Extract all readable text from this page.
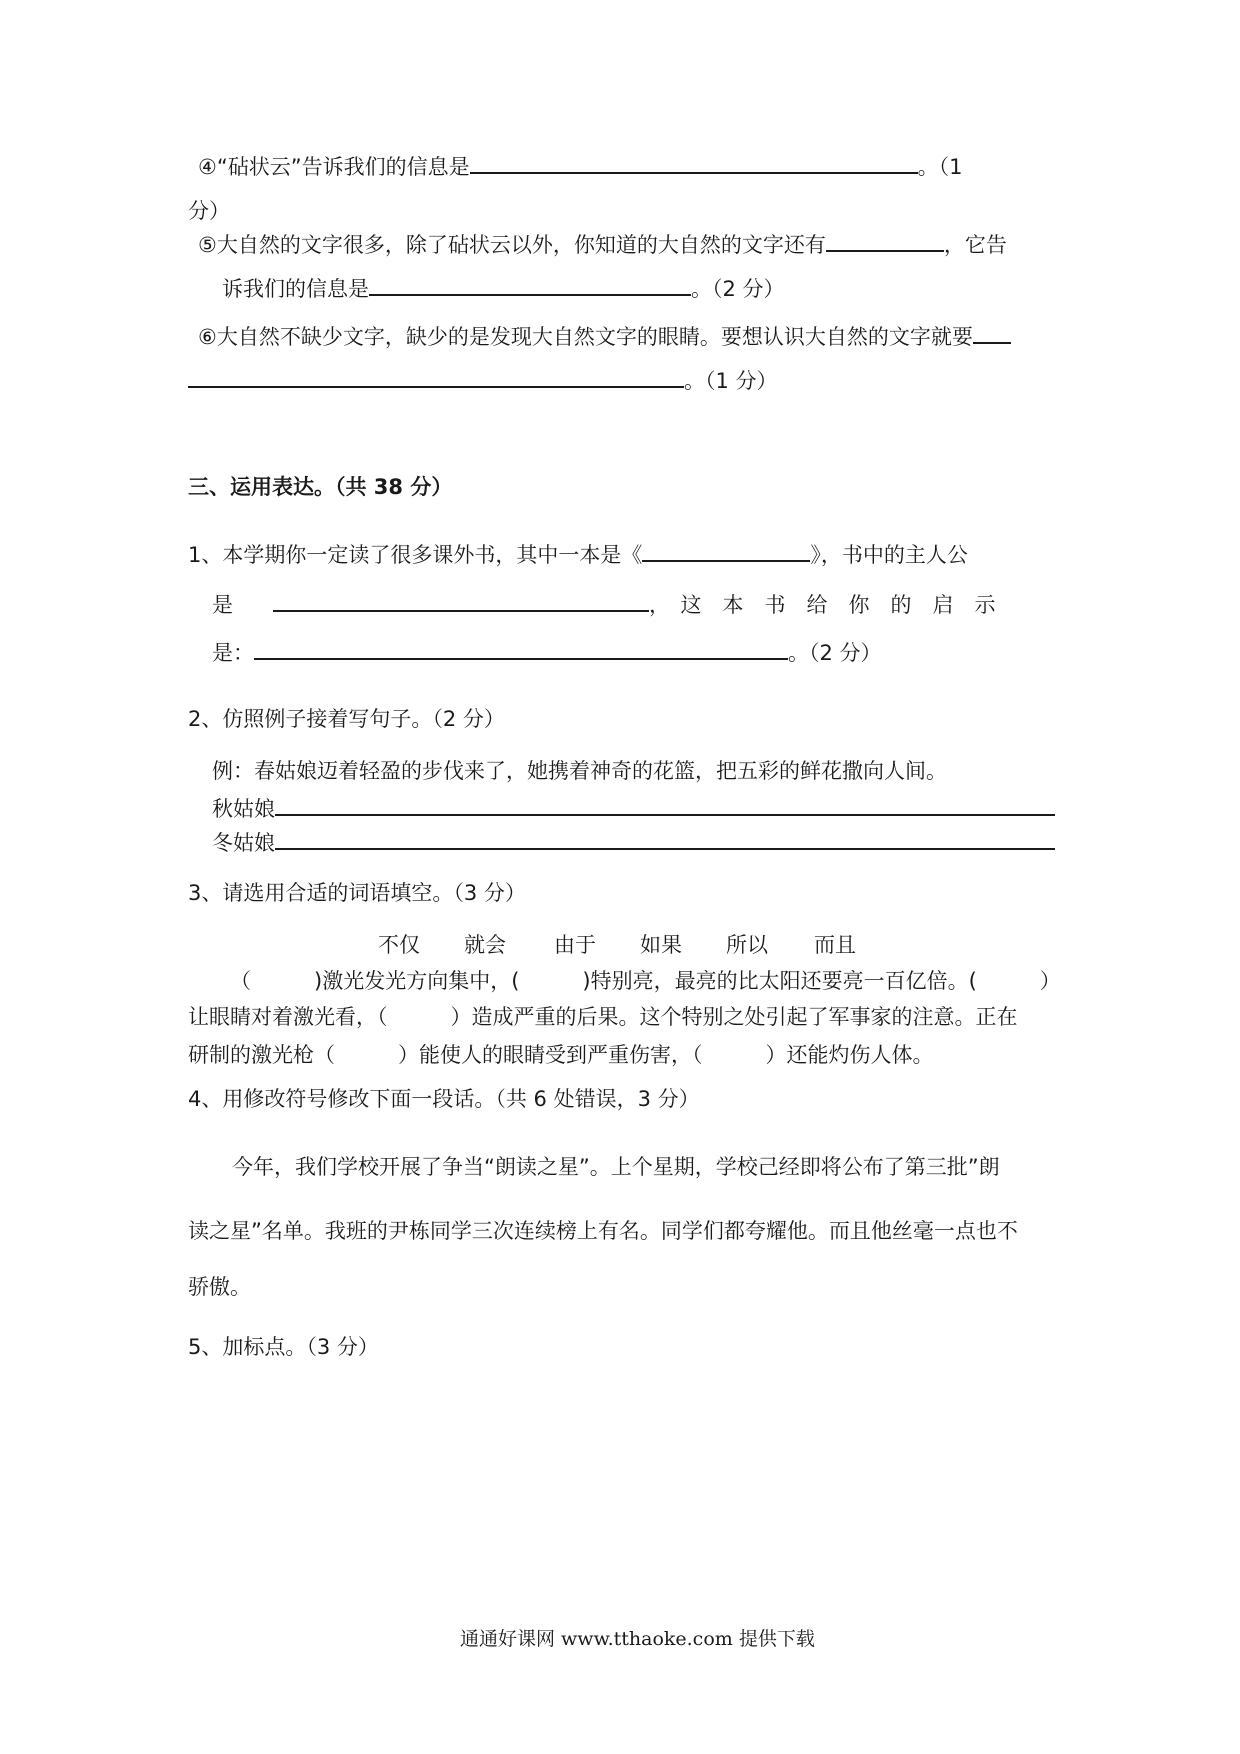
④“砧状云”告诉我们的信息是	。（1
分）
⑤大自然的文字很多，除了砧状云以外，你知道的大自然的文字还有	，它告
诉我们的信息是	。（2 分）
⑥大自然不缺少文字，缺少的是发现大自然文字的眼睛。要想认识大自然的文字就要
。（1 分）
三、运用表达。（共 38 分）
1、本学期你一定读了很多课外书，其中一本是《	》，书中的主人公
是	，　这　本　书　给　你　的　启　示
是：	。（2 分）
2、仿照例子接着写句子。（2 分）
例：春姑娘迈着轻盈的步伐来了，她携着神奇的花篮，把五彩的鲜花撒向人间。
秋姑娘
冬姑娘
3、请选用合适的词语填空。（3 分）
不仅 就会 由于 如果 所以 而且
（　　　)激光发光方向集中，(　　　)特别亮，最亮的比太阳还要亮一百亿倍。(　　　）
让眼睛对着激光看，（　　　）造成严重的后果。这个特别之处引起了军事家的注意。正在
研制的激光枪（　　　）能使人的眼睛受到严重伤害，（　　　）还能灼伤人体。
4、用修改符号修改下面一段话。（共 6 处错误，3 分）
今年，我们学校开展了争当“朗读之星”。上个星期，学校己经即将公布了第三批”朗
读之星”名单。我班的尹栋同学三次连续榜上有名。同学们都夸耀他。而且他丝毫一点也不
骄傲。
5、加标点。（3 分）
通通好课网 www.tthaoke.com 提供下载
